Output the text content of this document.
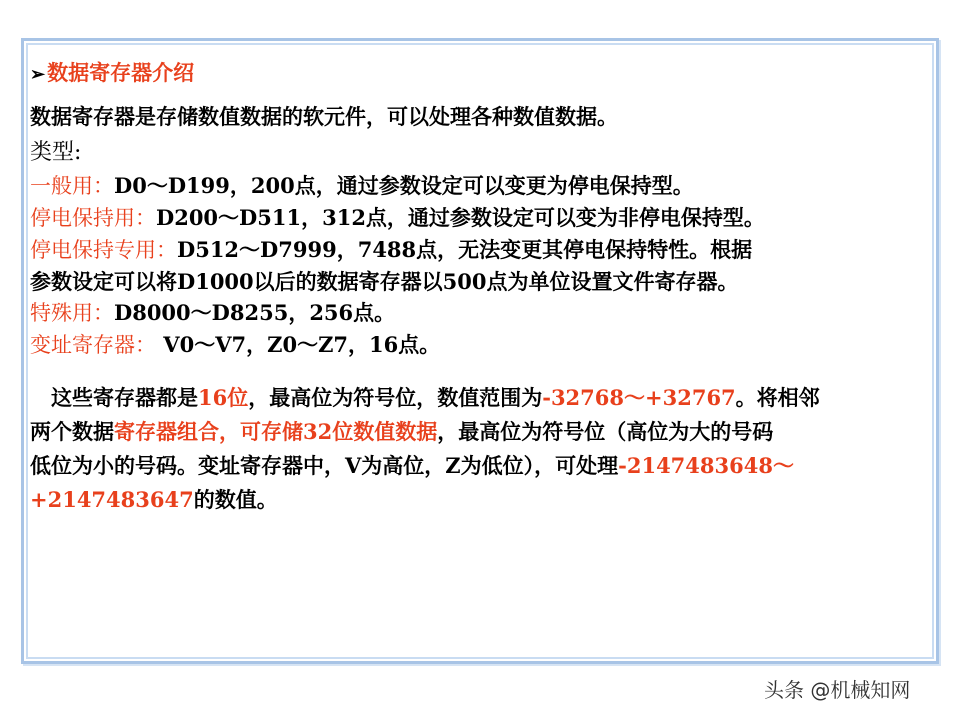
➢数据寄存器介绍
数据寄存器是存储数值数据的软元件，可以处理各种数值数据。
类型:
一般用：D0～D199，200点，通过参数设定可以变更为停电保持型。
停电保持用：D200～D511，312点，通过参数设定可以变为非停电保持型。
停电保持专用：D512～D7999，7488点，无法变更其停电保持特性。根据
参数设定可以将D1000以后的数据寄存器以500点为单位设置文件寄存器。
特殊用：D8000～D8255，256点。
变址寄存器： V0～V7，Z0～Z7，16点。
　这些寄存器都是16位，最高位为符号位，数值范围为-32768～+32767。将相邻
两个数据寄存器组合，可存储32位数值数据，最高位为符号位（高位为大的号码
低位为小的号码。变址寄存器中，V为高位，Z为低位），可处理-2147483648～
+2147483647的数值。
头条 @机械知网
